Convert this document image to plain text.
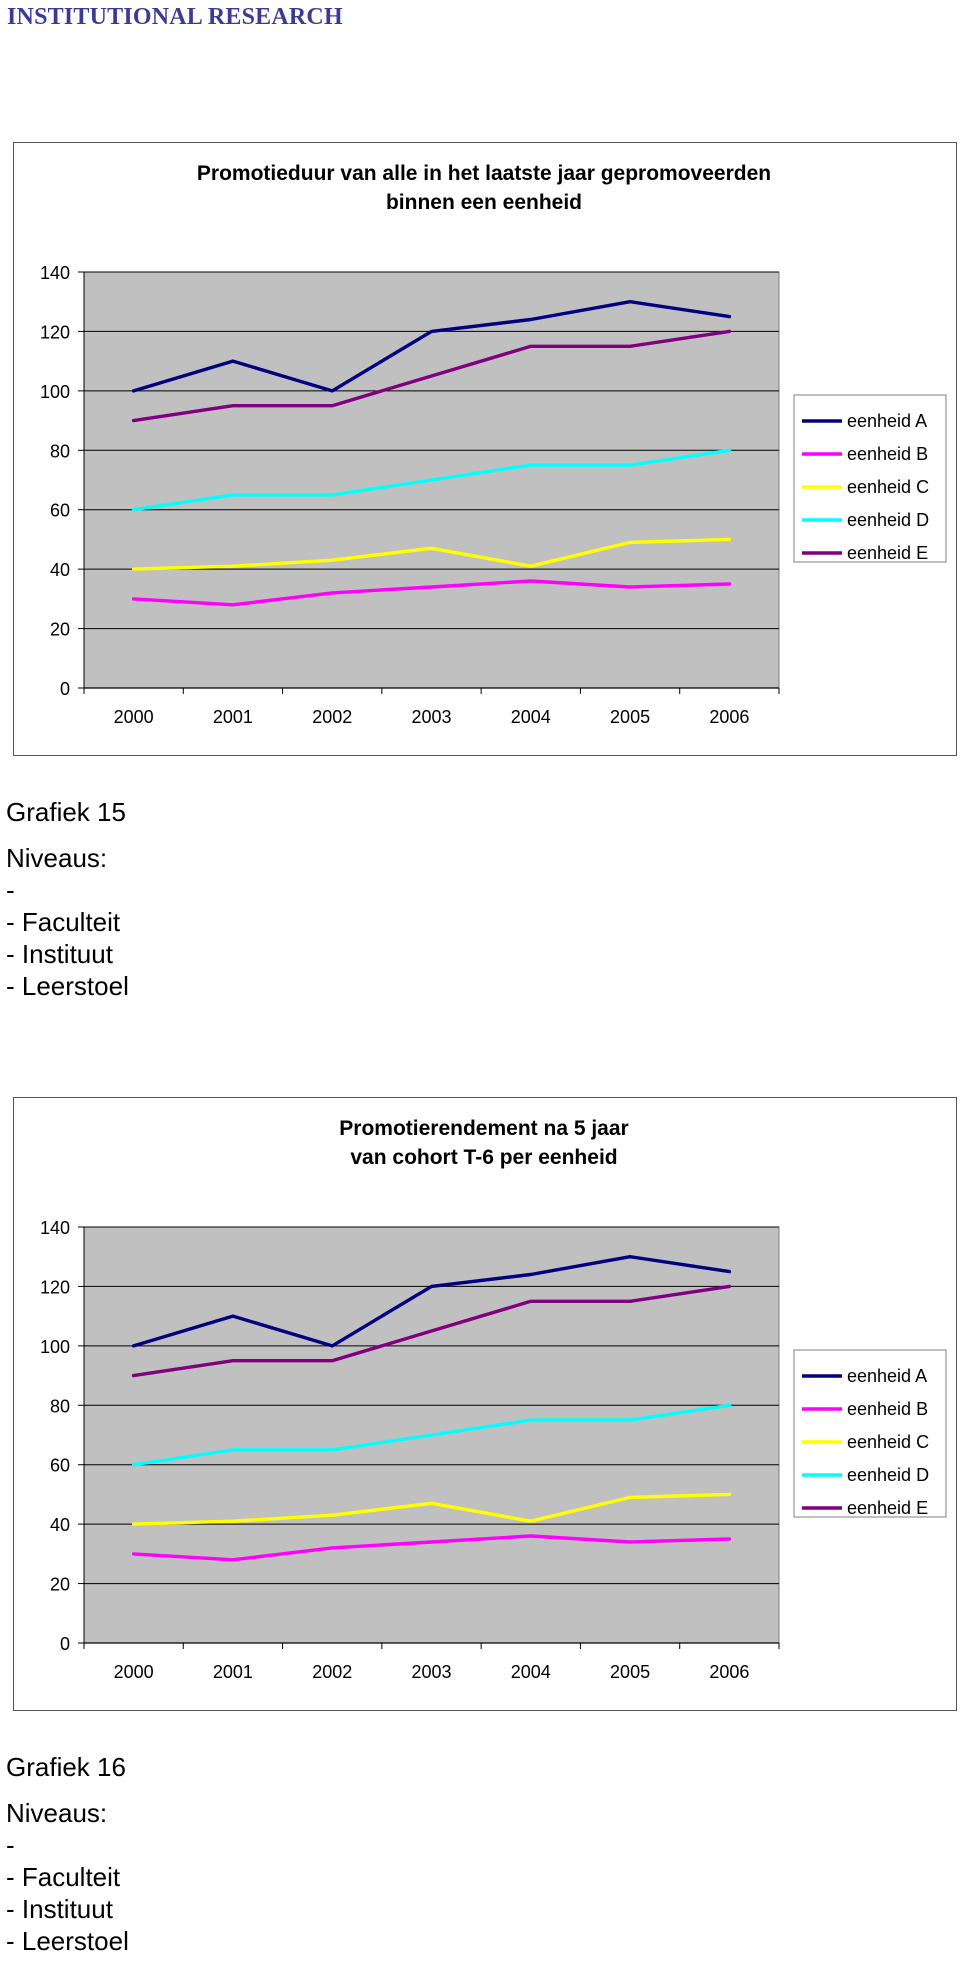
INSTITUTIONAL RESEARCH
Promotieduur van alle in het laatste jaar gepromoveerden
binnen een eenheid
0
20
40
60
80
100
120
140
2000	2001	2002	2003	2004	2005	2006
eenheid A
eenheid B
eenheid C
eenheid D
eenheid E
Grafiek 15
Niveaus:
-
- Faculteit
- Instituut
- Leerstoel
Promotierendement na 5 jaar
van cohort T-6 per eenheid
0
20
40
60
80
100
120
140
2000	2001	2002	2003	2004	2005	2006
eenheid A
eenheid B
eenheid C
eenheid D
eenheid E
Grafiek 16
Niveaus:
-
- Faculteit
- Instituut
- Leerstoel
